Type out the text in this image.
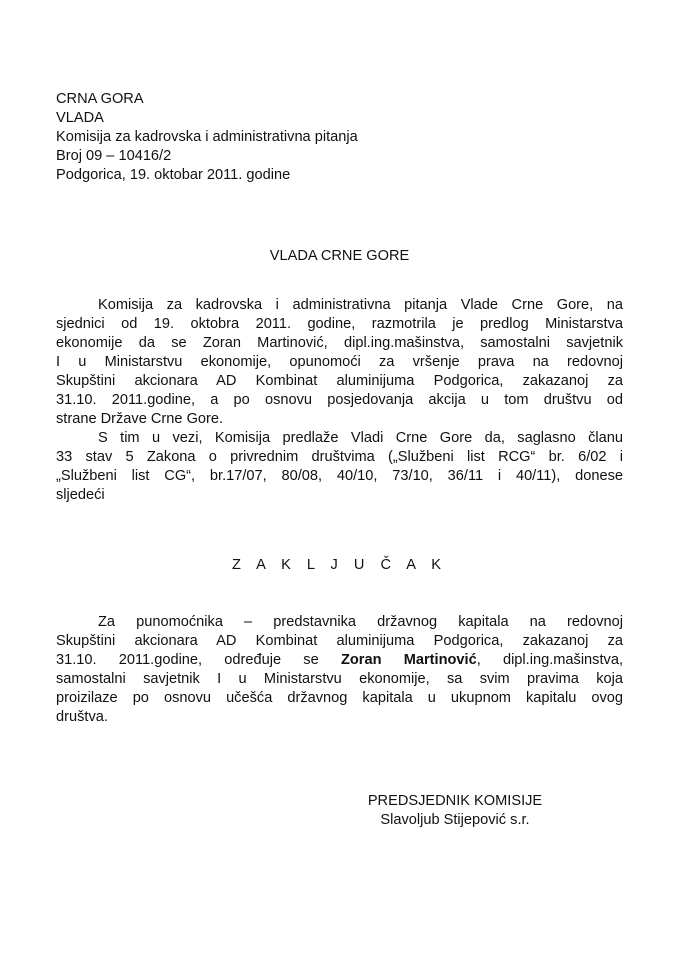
CRNA GORA
VLADA
Komisija za kadrovska i administrativna pitanja
Broj 09 – 10416/2
Podgorica, 19. oktobar 2011. godine
VLADA CRNE GORE
Komisija za kadrovska i administrativna pitanja Vlade Crne Gore, na
sjednici od 19. oktobra 2011. godine, razmotrila je predlog Ministarstva
ekonomije da se Zoran Martinović, dipl.ing.mašinstva, samostalni savjetnik
I u Ministarstvu ekonomije, opunomoći za vršenje prava na redovnoj
Skupštini akcionara AD Kombinat aluminijuma Podgorica, zakazanoj za
31.10. 2011.godine, a po osnovu posjedovanja akcija u tom društvu od
strane Države Crne Gore.
S tim u vezi, Komisija predlaže Vladi Crne Gore da, saglasno članu
33 stav 5 Zakona o privrednim društvima („Službeni list RCG“ br. 6/02 i
„Službeni list CG“, br.17/07, 80/08, 40/10, 73/10, 36/11 i 40/11), donese
sljedeći
Z A K L J U Č A K
Za punomoćnika – predstavnika državnog kapitala na redovnoj
Skupštini akcionara AD Kombinat aluminijuma Podgorica, zakazanoj za
31.10. 2011.godine, određuje se Zoran Martinović, dipl.ing.mašinstva,
samostalni savjetnik I u Ministarstvu ekonomije, sa svim pravima koja
proizilaze po osnovu učešća državnog kapitala u ukupnom kapitalu ovog
društva.
PREDSJEDNIK KOMISIJE
Slavoljub Stijepović s.r.
